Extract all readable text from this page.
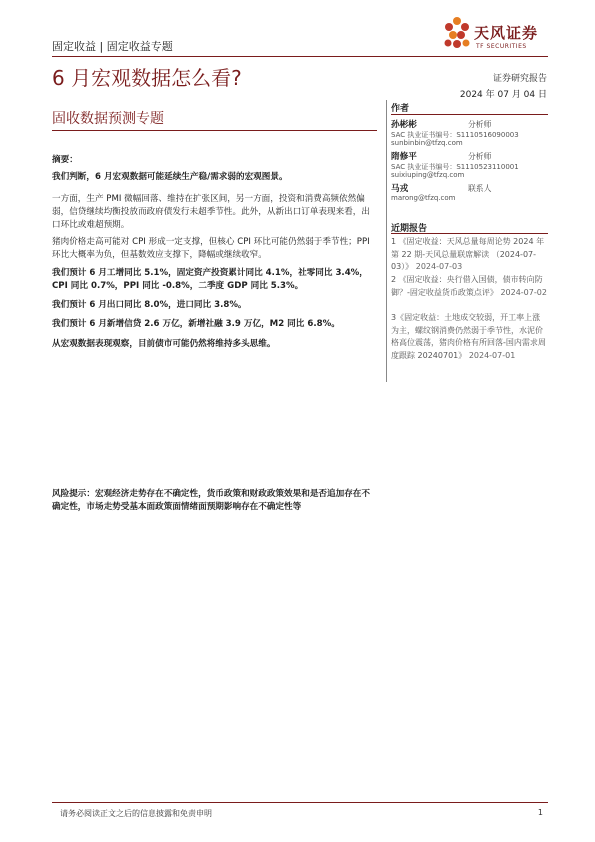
固定收益 | 固定收益专题
天风证券
TF SECURITIES
6 月宏观数据怎么看?	证券研究报告
2024 年 07 月 04 日
固收数据预测专题
摘要：
我们判断，6 月宏观数据可能延续生产稳/需求弱的宏观图景。
一方面，生产 PMI 微幅回落、维持在扩张区间，另一方面，投资和消费高频依然偏弱，信贷继续均衡投放而政府债发行未超季节性。此外，从新出口订单表现来看，出口环比或难超预期。
猪肉价格走高可能对 CPI 形成一定支撑，但核心 CPI 环比可能仍然弱于季节性；PPI 环比大概率为负，但基数效应支撑下，降幅或继续收窄。
我们预计 6 月工增同比 5.1%，固定资产投资累计同比 4.1%，社零同比 3.4%，CPI 同比 0.7%，PPI 同比 -0.8%，二季度 GDP 同比 5.3%。
我们预计 6 月出口同比 8.0%，进口同比 3.8%。
我们预计 6 月新增信贷 2.6 万亿，新增社融 3.9 万亿，M2 同比 6.8%。
从宏观数据表现观察，目前债市可能仍然将维持多头思维。
风险提示：宏观经济走势存在不确定性，货币政策和财政政策效果和是否追加存在不确定性，市场走势受基本面政策面情绪面预期影响存在不确定性等
作者
孙彬彬	分析师
SAC 执业证书编号：S1110516090003
sunbinbin@tfzq.com
隋修平	分析师
SAC 执业证书编号：S1110523110001
suixiuping@tfzq.com
马戎	联系人
marong@tfzq.com
近期报告
1 《固定收益：天风总量每周论势 2024 年第 22 期-天风总量联席解读 （2024-07-03）》 2024-07-03
2 《固定收益：央行借入国债，债市转向防御？-固定收益货币政策点评》 2024-07-02
3《固定收益：土地成交较弱，开工率上涨为主，螺纹钢消费仍然弱于季节性，水泥价格高位震荡，猪肉价格有所回落-国内需求周度跟踪 20240701》 2024-07-01
请务必阅读正文之后的信息披露和免责申明	1
